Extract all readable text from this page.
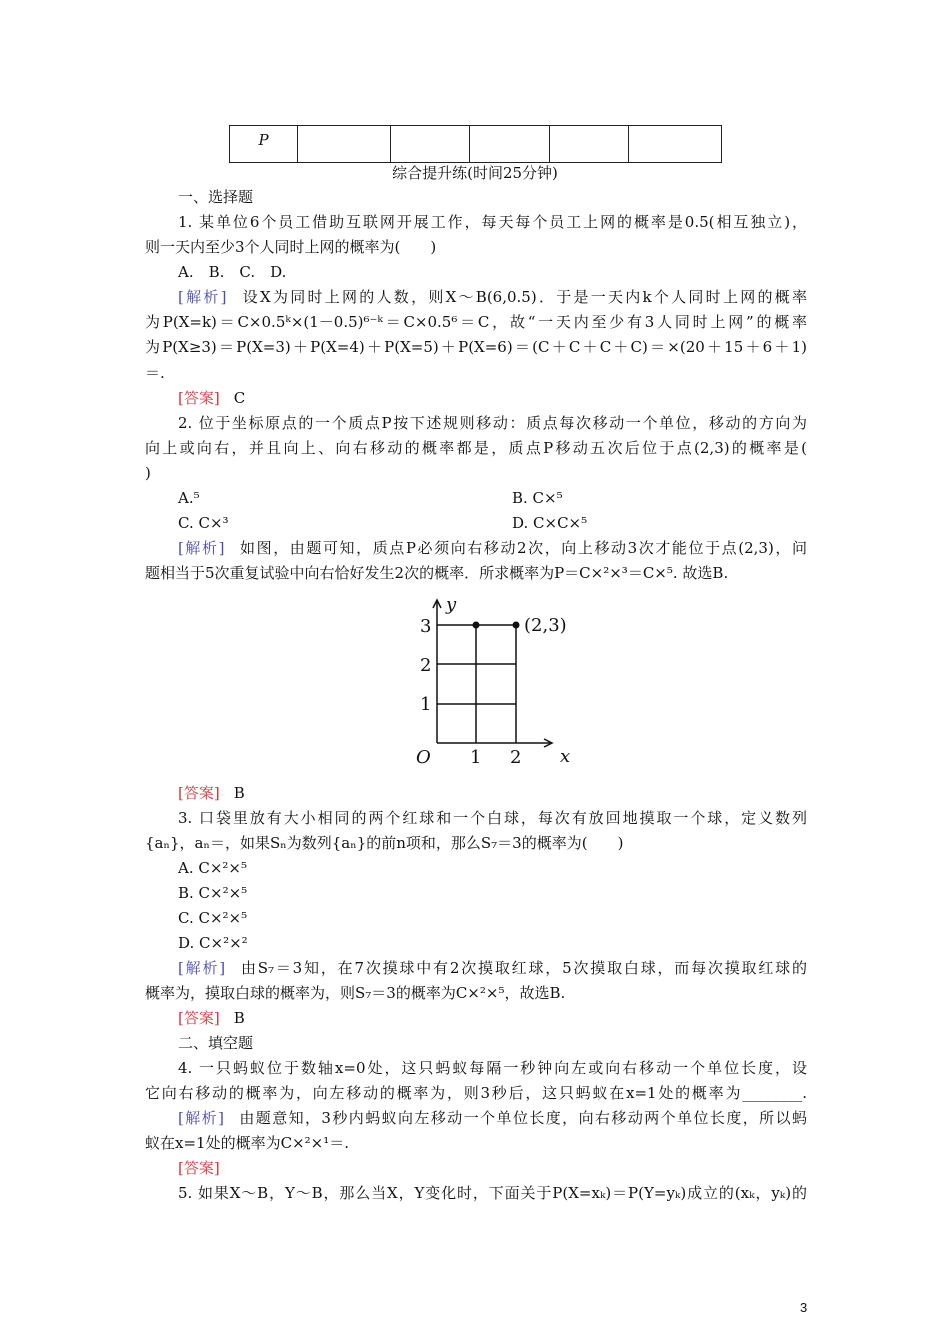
P					
综合提升练(时间25分钟)
一、选择题
1. 某单位6个员工借助互联网开展工作，每天每个员工上网的概率是0.5(相互独立)，
则一天内至少3个人同时上网的概率为(　　)
A.　B.　C.　D.
[解析] 设X为同时上网的人数，则X～B(6,0.5)．于是一天内k个人同时上网的概率
为P(X=k)＝C×0.5ᵏ×(1－0.5)⁶⁻ᵏ＝C×0.5⁶＝C，故“一天内至少有3人同时上网”的概率
为P(X≥3)＝P(X=3)＋P(X=4)＋P(X=5)＋P(X=6)＝(C＋C＋C＋C)＝×(20＋15＋6＋1)
＝.
[答案] C
2. 位于坐标原点的一个质点P按下述规则移动：质点每次移动一个单位，移动的方向为
向上或向右，并且向上、向右移动的概率都是，质点P移动五次后位于点(2,3)的概率是(
)
A.⁵	B. C×⁵
C. C×³	D. C×C×⁵
[解析] 如图，由题可知，质点P必须向右移动2次，向上移动3次才能位于点(2,3)，问
题相当于5次重复试验中向右恰好发生2次的概率．所求概率为P＝C×²×³＝C×⁵. 故选B.
[答案] B
3. 口袋里放有大小相同的两个红球和一个白球，每次有放回地摸取一个球，定义数列
{aₙ}，aₙ＝，如果Sₙ为数列{aₙ}的前n项和，那么S₇＝3的概率为(　　)
A. C×²×⁵
B. C×²×⁵
C. C×²×⁵
D. C×²×²
[解析] 由S₇＝3知，在7次摸球中有2次摸取红球，5次摸取白球，而每次摸取红球的
概率为，摸取白球的概率为，则S₇＝3的概率为C×²×⁵，故选B.
[答案] B
二、填空题
4. 一只蚂蚁位于数轴x=0处，这只蚂蚁每隔一秒钟向左或向右移动一个单位长度，设
它向右移动的概率为，向左移动的概率为，则3秒后，这只蚂蚁在x=1处的概率为________.
[解析] 由题意知，3秒内蚂蚁向左移动一个单位长度，向右移动两个单位长度，所以蚂
蚁在x=1处的概率为C×²×¹＝.
[答案]
5. 如果X～B，Y～B，那么当X，Y变化时，下面关于P(X=xₖ)＝P(Y=yₖ)成立的(xₖ，yₖ)的
y
x
O 1 2
1
2
3	(2,3)
3
